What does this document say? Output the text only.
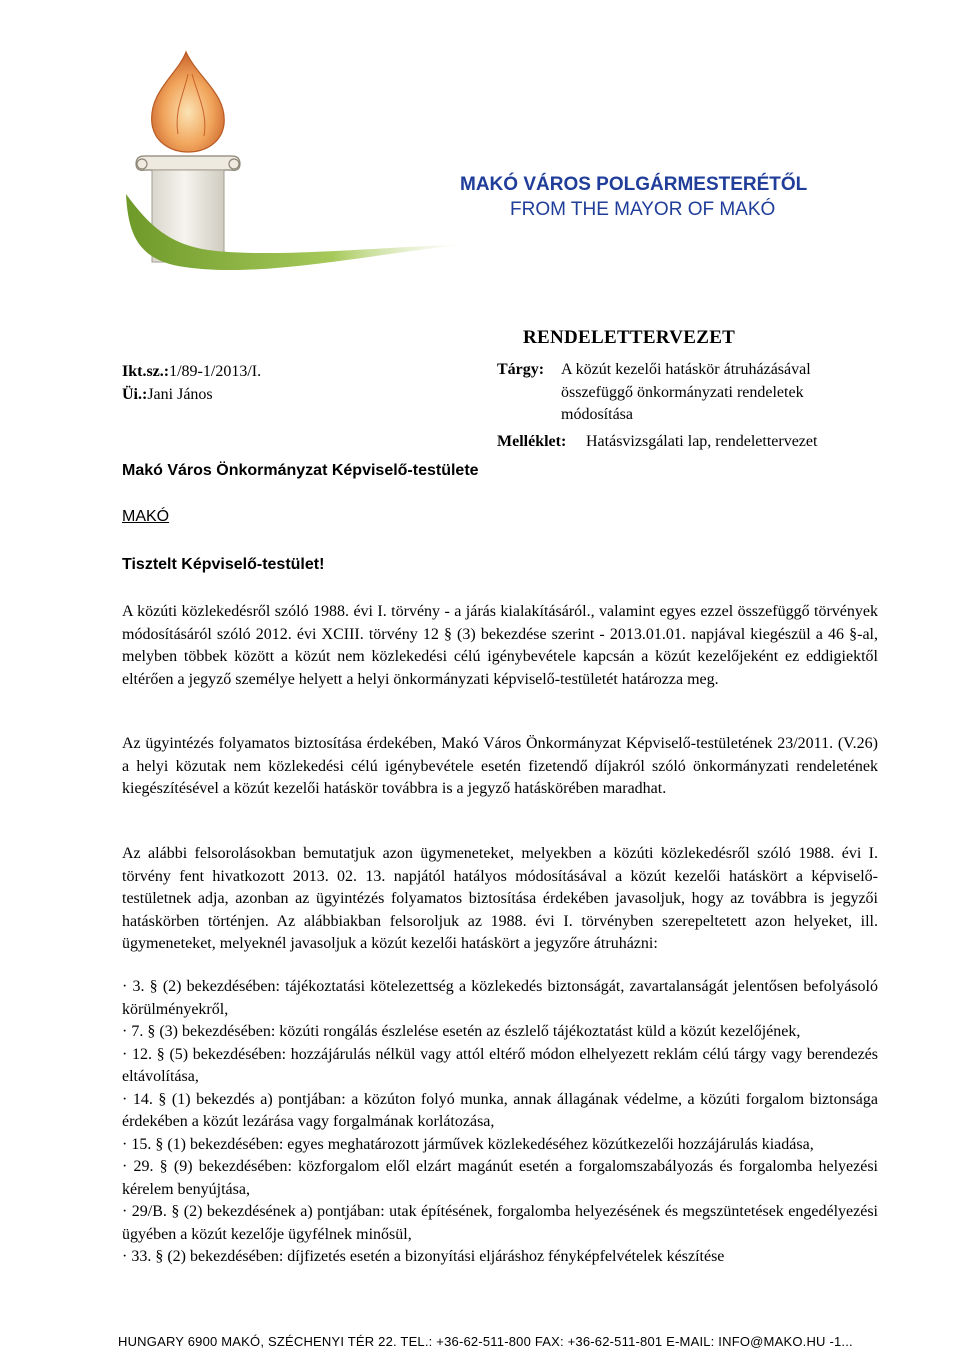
MAKÓ VÁROS POLGÁRMESTERÉTŐL
FROM THE MAYOR OF MAKÓ
RENDELETTERVEZET
Ikt.sz.:1/89-1/2013/I.
Üi.:Jani János
Tárgy: A közút kezelői hatáskör átruházásával
összefüggő önkormányzati rendeletek
módosítása
Melléklet: Hatásvizsgálati lap, rendelettervezet
Makó Város Önkormányzat Képviselő-testülete
MAKÓ
Tisztelt Képviselő-testület!
A közúti közlekedésről szóló 1988. évi I. törvény - a járás kialakításáról., valamint egyes ezzel összefüggő törvények módosításáról szóló 2012. évi XCIII. törvény 12 § (3) bekezdése szerint - 2013.01.01. napjával kiegészül a 46 §-al, melyben többek között a közút nem közlekedési célú igénybevétele kapcsán a közút kezelőjeként ez eddigiektől eltérően a jegyző személye helyett a helyi önkormányzati képviselő-testületét határozza meg.
Az ügyintézés folyamatos biztosítása érdekében, Makó Város Önkormányzat Képviselő-testületének 23/2011. (V.26) a helyi közutak nem közlekedési célú igénybevétele esetén fizetendő díjakról szóló önkormányzati rendeletének kiegészítésével a közút kezelői hatáskör továbbra is a jegyző hatáskörében maradhat.
Az alábbi felsorolásokban bemutatjuk azon ügymeneteket, melyekben a közúti közlekedésről szóló 1988. évi I. törvény fent hivatkozott 2013. 02. 13. napjától hatályos módosításával a közút kezelői hatáskört a képviselő-testületnek adja, azonban az ügyintézés folyamatos biztosítása érdekében javasoljuk, hogy az továbbra is jegyzői hatáskörben történjen. Az alábbiakban felsoroljuk az 1988. évi I. törvényben szerepeltetett azon helyeket, ill. ügymeneteket, melyeknél javasoljuk a közút kezelői hatáskört a jegyzőre átruházni:
· 3. § (2) bekezdésében: tájékoztatási kötelezettség a közlekedés biztonságát, zavartalanságát jelentősen befolyásoló körülményekről,
· 7. § (3) bekezdésében: közúti rongálás észlelése esetén az észlelő tájékoztatást küld a közút kezelőjének,
· 12. § (5) bekezdésében: hozzájárulás nélkül vagy attól eltérő módon elhelyezett reklám célú tárgy vagy berendezés eltávolítása,
· 14. § (1) bekezdés a) pontjában: a közúton folyó munka, annak állagának védelme, a közúti forgalom biztonsága érdekében a közút lezárása vagy forgalmának korlátozása,
· 15. § (1) bekezdésében: egyes meghatározott járművek közlekedéséhez közútkezelői hozzájárulás kiadása,
· 29. § (9) bekezdésében: közforgalom elől elzárt magánút esetén a forgalomszabályozás és forgalomba helyezési kérelem benyújtása,
· 29/B. § (2) bekezdésének a) pontjában: utak építésének, forgalomba helyezésének és megszüntetések engedélyezési ügyében a közút kezelője ügyfélnek minősül,
· 33. § (2) bekezdésében: díjfizetés esetén a bizonyítási eljáráshoz fényképfelvételek készítése
HUNGARY 6900 MAKÓ, SZÉCHENYI TÉR 22. TEL.: +36-62-511-800 FAX: +36-62-511-801 E-MAIL: INFO@MAKO.HU -1...
